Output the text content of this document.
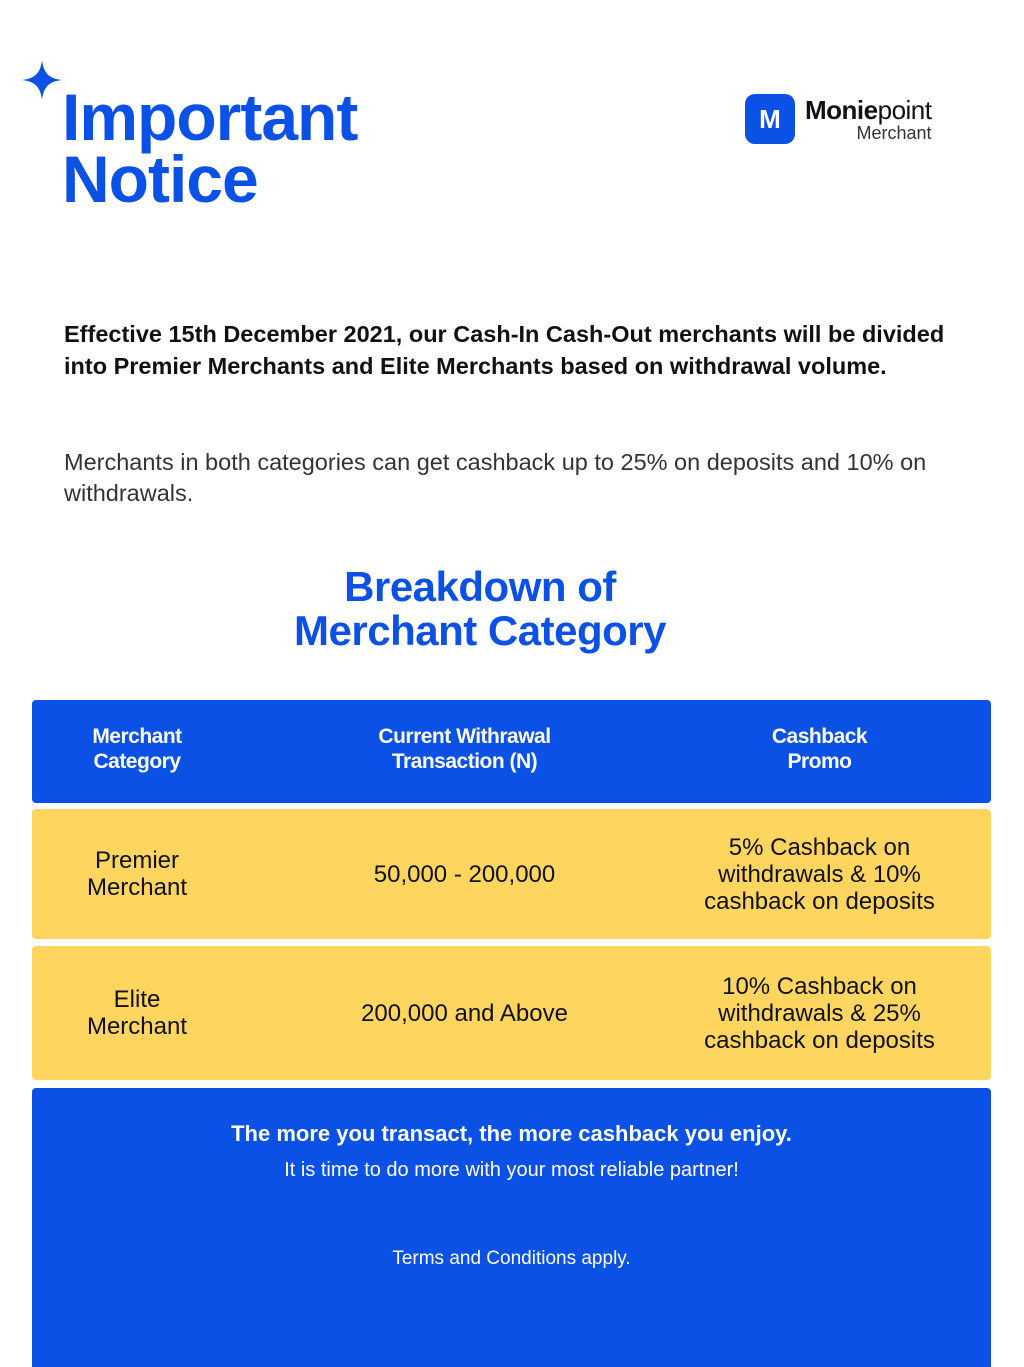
Important
Notice
M Moniepoint
Merchant

Effective 15th December 2021, our Cash-In Cash-Out merchants will be divided into Premier Merchants and Elite Merchants based on withdrawal volume.

Merchants in both categories can get cashback up to 25% on deposits and 10% on withdrawals.

Breakdown of
Merchant Category
Merchant
Category
Current Withrawal
Transaction (N)
Cashback
Promo
Premier
Merchant	50,000 - 200,000
5% Cashback on
withdrawals & 10%
cashback on deposits
Elite
Merchant	200,000 and Above
10% Cashback on
withdrawals & 25%
cashback on deposits
The more you transact, the more cashback you enjoy.
It is time to do more with your most reliable partner!
Terms and Conditions apply.
